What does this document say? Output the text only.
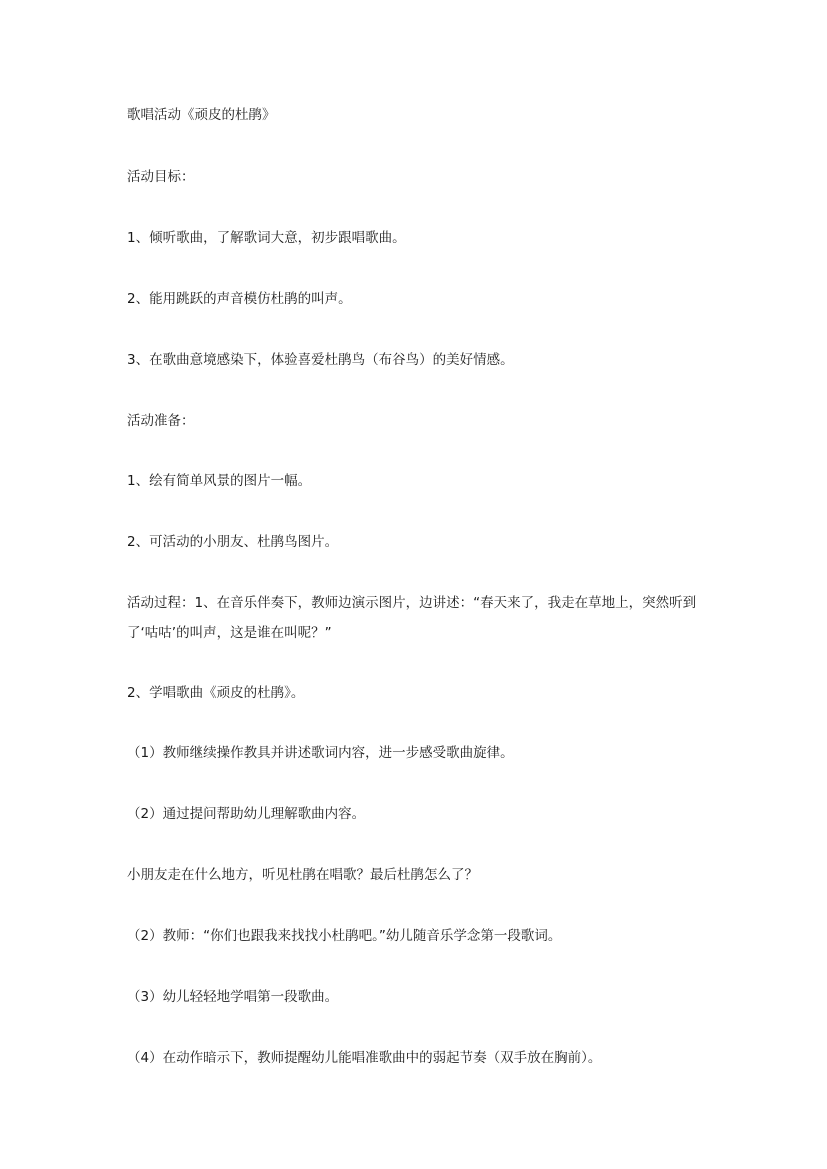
歌唱活动《顽皮的杜鹃》
活动目标：
1、倾听歌曲，了解歌词大意，初步跟唱歌曲。
2、能用跳跃的声音模仿杜鹃的叫声。
3、在歌曲意境感染下，体验喜爱杜鹃鸟（布谷鸟）的美好情感。
活动准备：
1、绘有简单风景的图片一幅。
2、可活动的小朋友、杜鹃鸟图片。
活动过程：1、在音乐伴奏下，教师边演示图片，边讲述：“春天来了，我走在草地上，突然听到了‘咕咕’的叫声，这是谁在叫呢？”
2、学唱歌曲《顽皮的杜鹃》。
（1）教师继续操作教具并讲述歌词内容，进一步感受歌曲旋律。
（2）通过提问帮助幼儿理解歌曲内容。
小朋友走在什么地方，听见杜鹃在唱歌？最后杜鹃怎么了？
（2）教师：“你们也跟我来找找小杜鹃吧。”幼儿随音乐学念第一段歌词。
（3）幼儿轻轻地学唱第一段歌曲。
（4）在动作暗示下，教师提醒幼儿能唱准歌曲中的弱起节奏（双手放在胸前）。
